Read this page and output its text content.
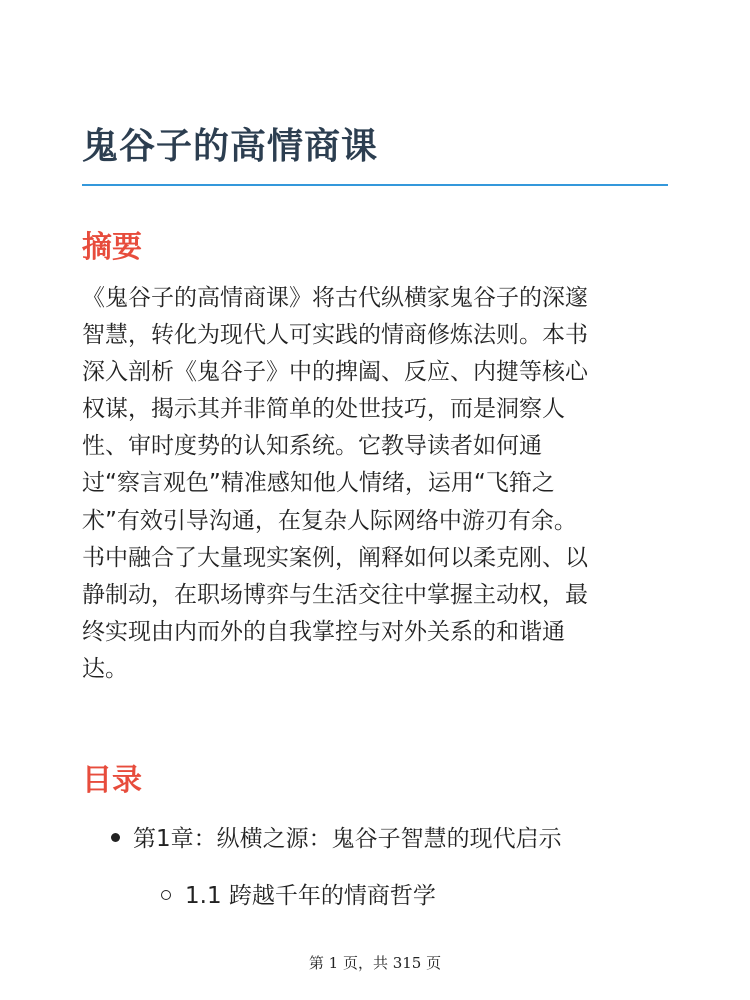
鬼谷子的高情商课
摘要
《鬼谷子的高情商课》将古代纵横家鬼谷子的深邃
智慧，转化为现代人可实践的情商修炼法则。本书
深入剖析《鬼谷子》中的捭阖、反应、内揵等核心
权谋，揭示其并非简单的处世技巧，而是洞察人
性、审时度势的认知系统。它教导读者如何通
过“察言观色”精准感知他人情绪，运用“飞箝之
术”有效引导沟通，在复杂人际网络中游刃有余。
书中融合了大量现实案例，阐释如何以柔克刚、以
静制动，在职场博弈与生活交往中掌握主动权，最
终实现由内而外的自我掌控与对外关系的和谐通
达。
目录
第1章：纵横之源：鬼谷子智慧的现代启示
1.1 跨越千年的情商哲学
第 1 页，共 315 页
